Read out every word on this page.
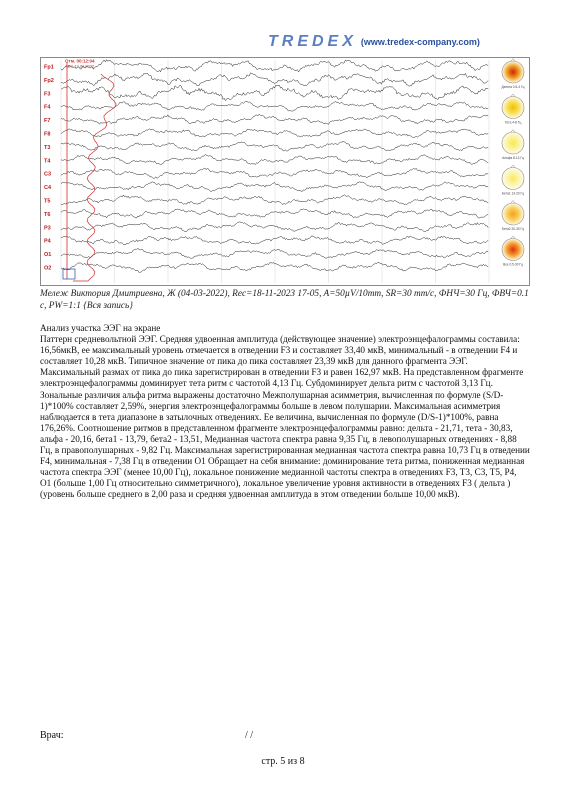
TREDEX (www.tredex-company.com)
Fp1
Fp2
F3
F4
F7
F8
T3
T4
C3
C4
T5
T6
P3
P4
O1
O2
Отм. 00:12:04
ABC 17.03.2022
Дельта 0.5-4 Гц
Тета 4-8 Гц
Альфа 8-13 Гц
Бета1 13-20 Гц
Бета2 20-30 Гц
Все 0.5-30 Гц
Мележ Виктория Дмитриевна, Ж (04-03-2022), Rec=18-11-2023 17-05, A=50µV/10mm, SR=30 mm/c, ФНЧ=30 Гц, ФВЧ=0.1 с, PW=1:1 {Вся запись}

Анализ участка ЭЭГ на экране

Паттерн средневольтной ЭЭГ. Средняя удвоенная амплитуда (действующее значение) электроэнцефалограммы составила: 16,56мкВ, ее максимальный уровень отмечается в отведении F3 и составляет 33,40 мкВ, минимальный - в отведении F4 и составляет 10,28 мкВ. Типичное значение от пика до пика составляет 23,39 мкВ для данного фрагмента ЭЭГ. Максимальный размах от пика до пика зарегистрирован в отведении F3 и равен 162,97 мкВ. На представленном фрагменте электроэнцефалограммы доминирует тета ритм с частотой 4,13 Гц. Субдоминирует дельта ритм с частотой 3,13 Гц. Зональные различия альфа ритма выражены достаточно Межполушарная асимметрия, вычисленная по формуле (S/D-1)*100% составляет 2,59%, энергия электроэнцефалограммы больше в левом полушарии. Максимальная асимметрия наблюдается в тета диапазоне в затылочных отведениях. Ее величина, вычисленная по формуле (D/S-1)*100%, равна 176,26%. Соотношение ритмов в представленном фрагменте электроэнцефалограммы равно: дельта - 21,71, тета - 30,83, альфа - 20,16, бета1 - 13,79, бета2 - 13,51, Медианная частота спектра равна 9,35 Гц, в левополушарных отведениях - 8,88 Гц, в правополушарных - 9,82 Гц. Максимальная зарегистрированная медианная частота спектра равна 10,73 Гц в отведении F4, минимальная - 7,38 Гц в отведении О1 Обращает на себя внимание: доминирование тета ритма, пониженная медианная частота спектра ЭЭГ (менее 10,00 Гц), локальное понижение медианной частоты спектра в отведениях F3, T3, C3, T5, P4, O1 (больше 1,00 Гц относительно симметричного), локальное увеличение уровня активности в отведениях F3 ( дельта ) (уровень больше среднего в 2,00 раза и средняя удвоенная амплитуда в этом отведении больше 10,00 мкВ).

Врач:	/ /
стр. 5 из 8
